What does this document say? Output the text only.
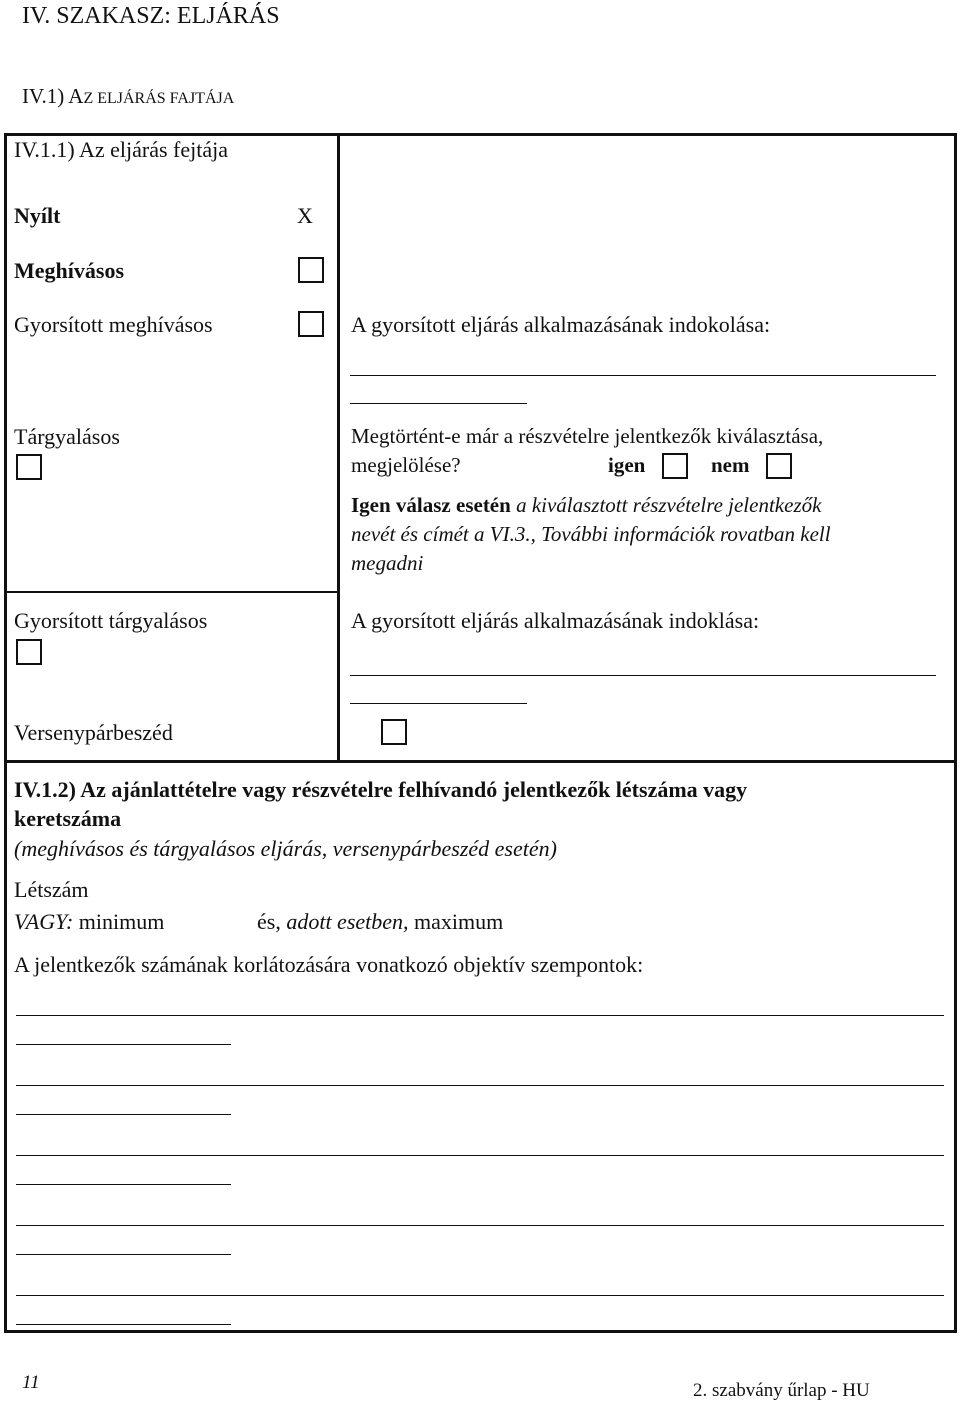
IV. SZAKASZ: ELJÁRÁS
IV.1) AZ ELJÁRÁS FAJTÁJA
IV.1.1) Az eljárás fejtája
Nyílt	X
Meghívásos
Gyorsított meghívásos	A gyorsított eljárás alkalmazásának indokolása:
Tárgyalásos	Megtörtént-e már a részvételre jelentkezők kiválasztása,
megjelölése?	igen	nem
Igen válasz esetén a kiválasztott részvételre jelentkezők
nevét és címét a VI.3., További információk rovatban kell
megadni
Gyorsított tárgyalásos	A gyorsított eljárás alkalmazásának indoklása:
Versenypárbeszéd
IV.1.2) Az ajánlattételre vagy részvételre felhívandó jelentkezők létszáma vagy
keretszáma
(meghívásos és tárgyalásos eljárás, versenypárbeszéd esetén)
Létszám
VAGY: minimum	és, adott esetben, maximum
A jelentkezők számának korlátozására vonatkozó objektív szempontok:
11	2. szabvány űrlap - HU
